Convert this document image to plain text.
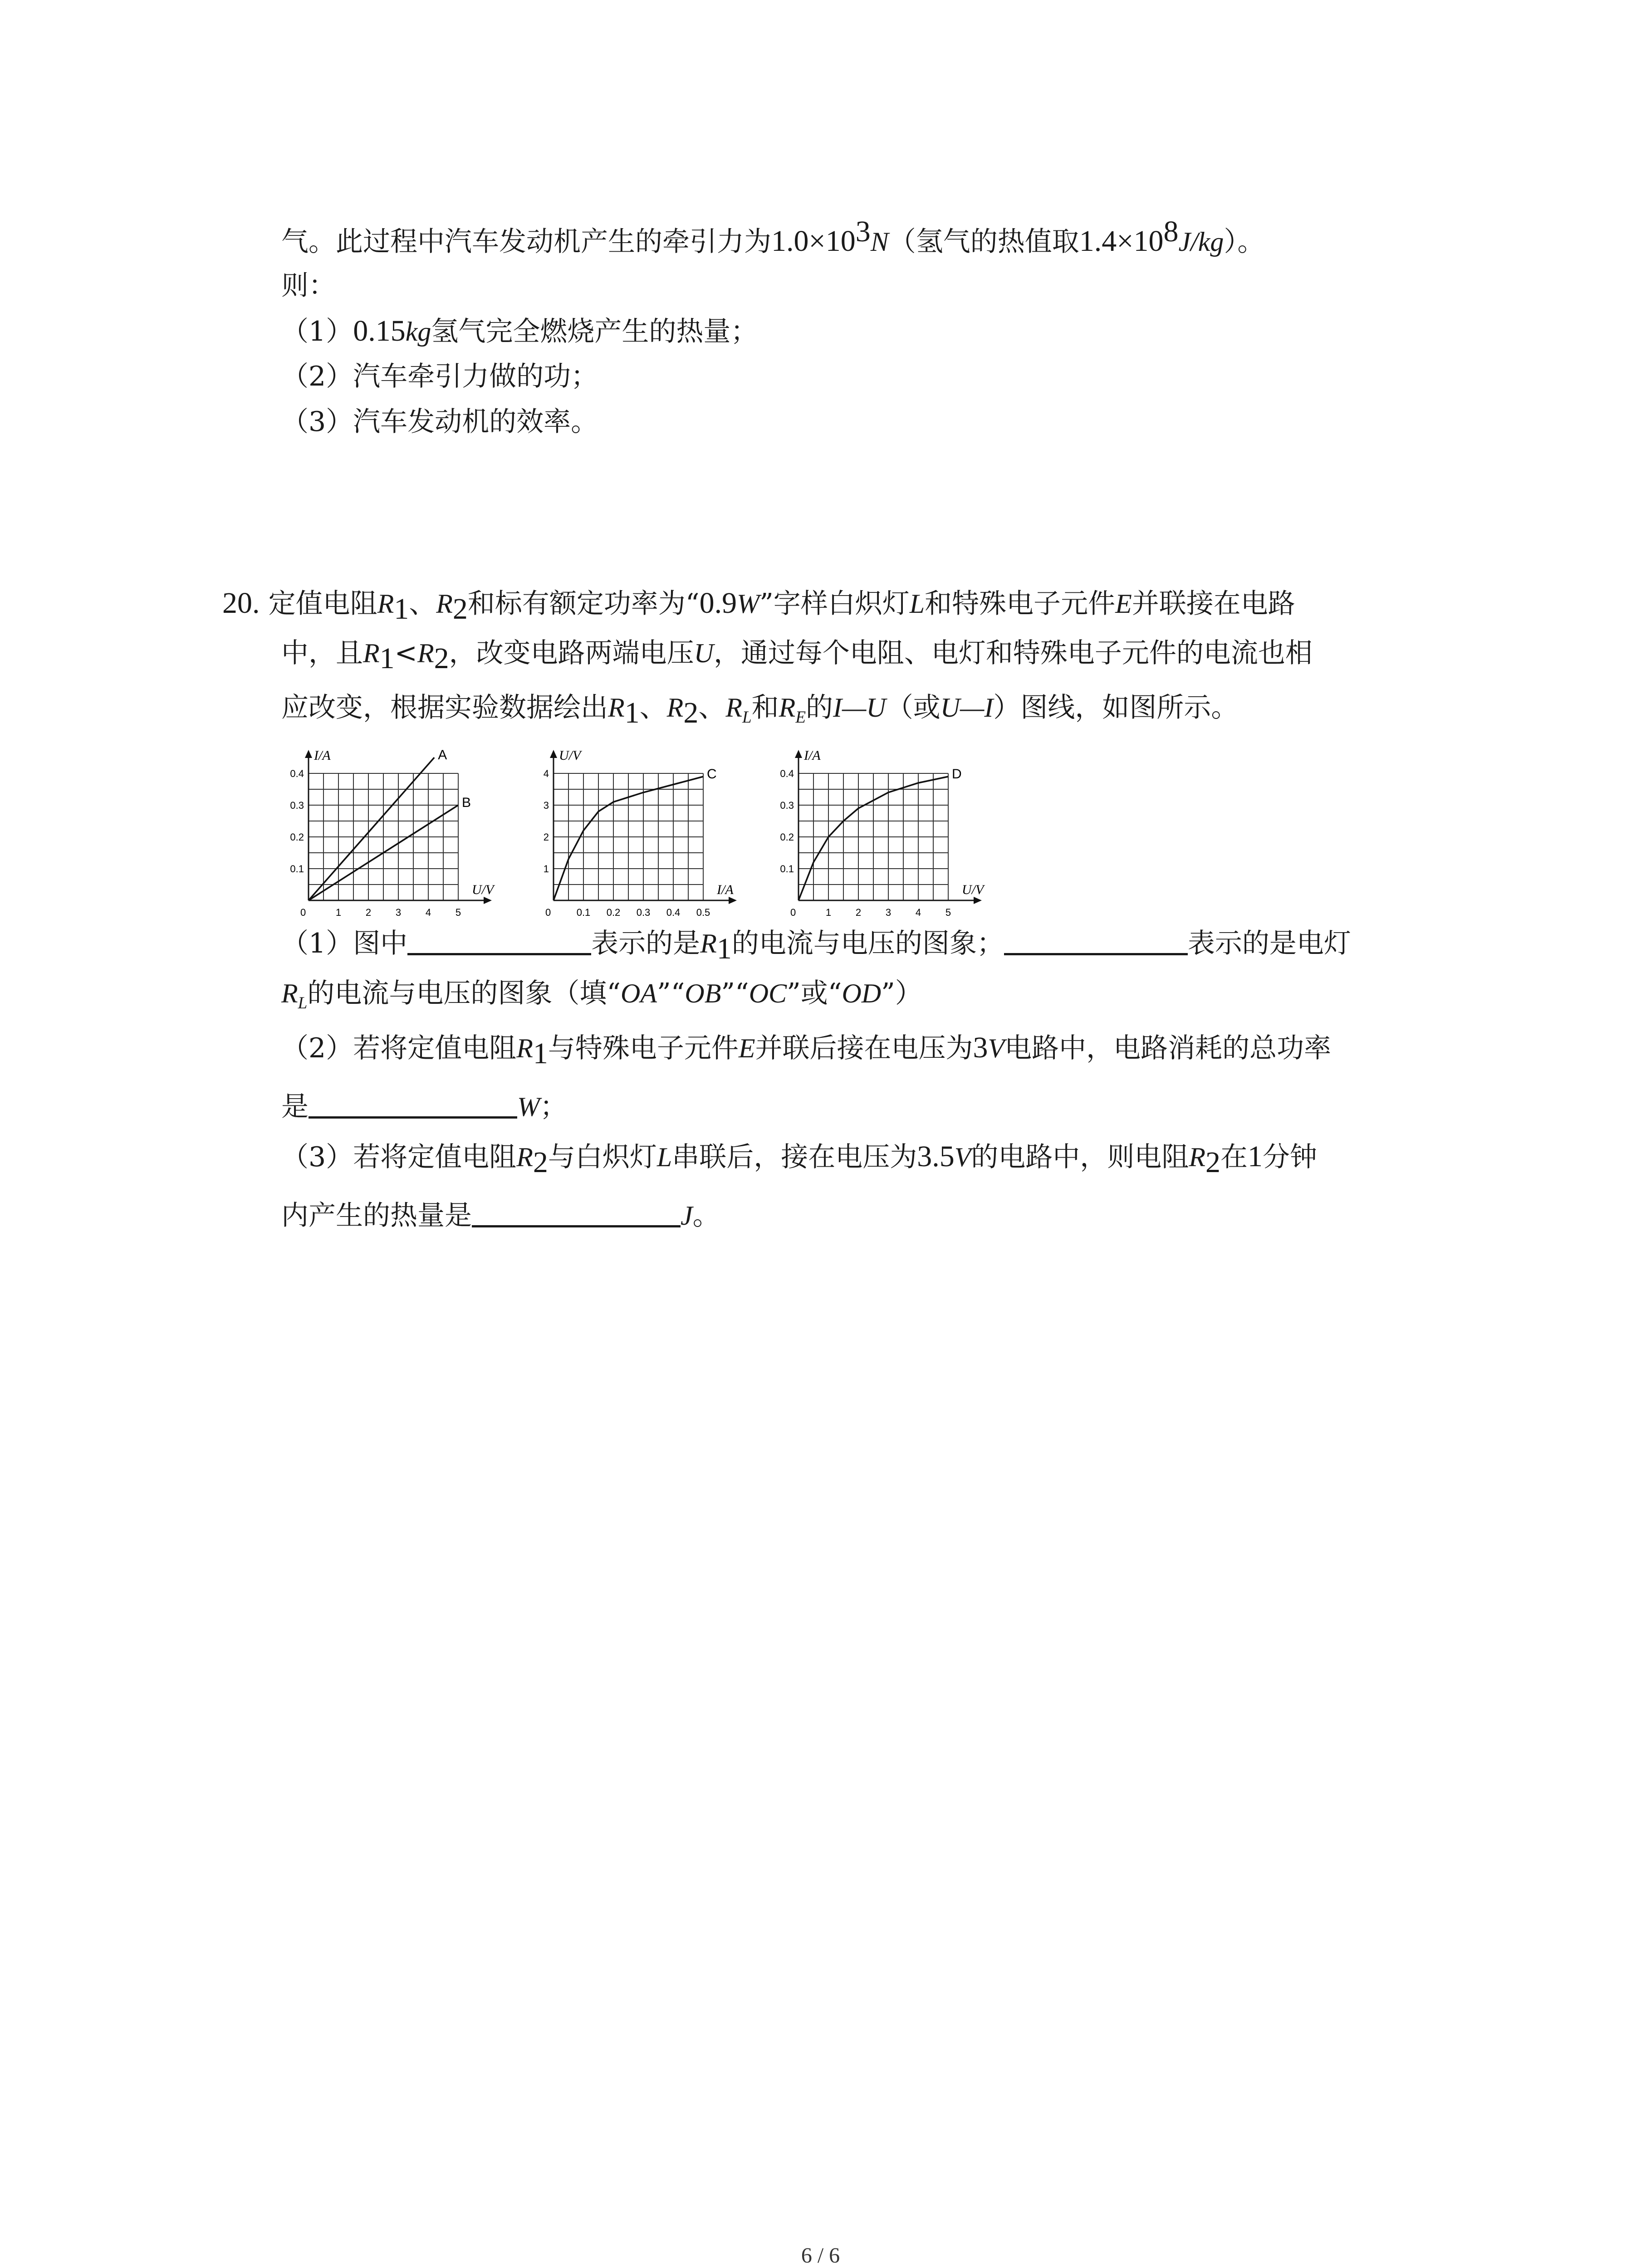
气。此过程中汽车发动机产生的牵引力为$1.0\times 10^3N$（氢气的热值取$1.4\times 10^8J/kg$）。
则：
（1）0.15kg氢气完全燃烧产生的热量；
（2）汽车牵引力做的功；
（3）汽车发动机的效率。
20. 定值电阻$R_1$、$R_2$和标有额定功率为“0.9W”字样白炽灯L和特殊电子元件E并联接在电路
中，且$R_1<R_2$，改变电路两端电压U，通过每个电阻、电灯和特殊电子元件的电流也相
应改变，根据实验数据绘出$R_1$、$R_2$、$R_L$和$R_E$的I—U（或U—I）图线，如图所示。
I/A
U/V
0	1 2 3 4 5
0.1
0.2
0.3
0.4
A
B
U/V
I/A
0	0.1 0.2 0.3 0.4 0.5
1
2
3
4	C
I/A
U/V
0	1 2 3 4 5
0.1
0.2
0.3
0.4	D
（1）图中	表示的是$R_1$的电流与电压的图象；	表示的是电灯
$R_L$的电流与电压的图象（填“OA”“OB”“OC”或“OD”）
（2）若将定值电阻$R_1$与特殊电子元件E并联后接在电压为3V电路中，电路消耗的总功率
是	W；
（3）若将定值电阻$R_2$与白炽灯L串联后，接在电压为3.5V的电路中，则电阻$R_2$在1分钟
内产生的热量是	J。
6 / 6
